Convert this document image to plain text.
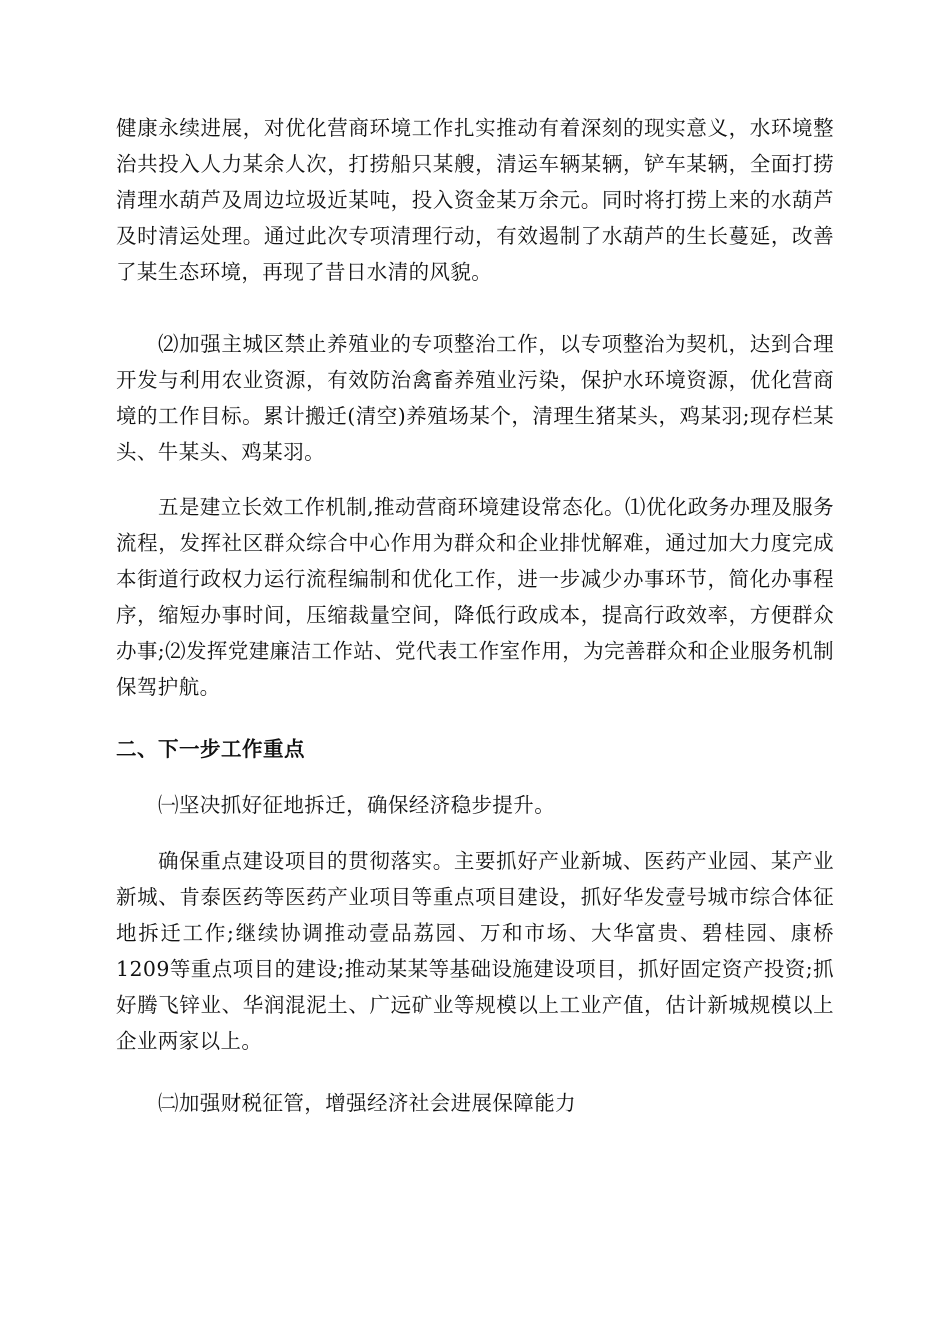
健康永续进展，对优化营商环境工作扎实推动有着深刻的现实意义，水环境整治共投入人力某余人次，打捞船只某艘，清运车辆某辆，铲车某辆，全面打捞清理水葫芦及周边垃圾近某吨，投入资金某万余元。同时将打捞上来的水葫芦及时清运处理。通过此次专项清理行动，有效遏制了水葫芦的生长蔓延，改善了某生态环境，再现了昔日水清的风貌。

⑵加强主城区禁止养殖业的专项整治工作，以专项整治为契机，达到合理开发与利用农业资源，有效防治禽畜养殖业污染，保护水环境资源，优化营商境的工作目标。累计搬迁(清空)养殖场某个，清理生猪某头，鸡某羽;现存栏某头、牛某头、鸡某羽。

五是建立长效工作机制,推动营商环境建设常态化。⑴优化政务办理及服务流程，发挥社区群众综合中心作用为群众和企业排忧解难，通过加大力度完成本街道行政权力运行流程编制和优化工作，进一步减少办事环节，简化办事程序，缩短办事时间，压缩裁量空间，降低行政成本，提高行政效率，方便群众办事;⑵发挥党建廉洁工作站、党代表工作室作用，为完善群众和企业服务机制保驾护航。

二、下一步工作重点

㈠坚决抓好征地拆迁，确保经济稳步提升。

确保重点建设项目的贯彻落实。主要抓好产业新城、医药产业园、某产业新城、肯泰医药等医药产业项目等重点项目建设，抓好华发壹号城市综合体征地拆迁工作;继续协调推动壹品荔园、万和市场、大华富贵、碧桂园、康桥1209等重点项目的建设;推动某某等基础设施建设项目，抓好固定资产投资;抓好腾飞锌业、华润混泥土、广远矿业等规模以上工业产值，估计新城规模以上企业两家以上。

㈡加强财税征管，增强经济社会进展保障能力
